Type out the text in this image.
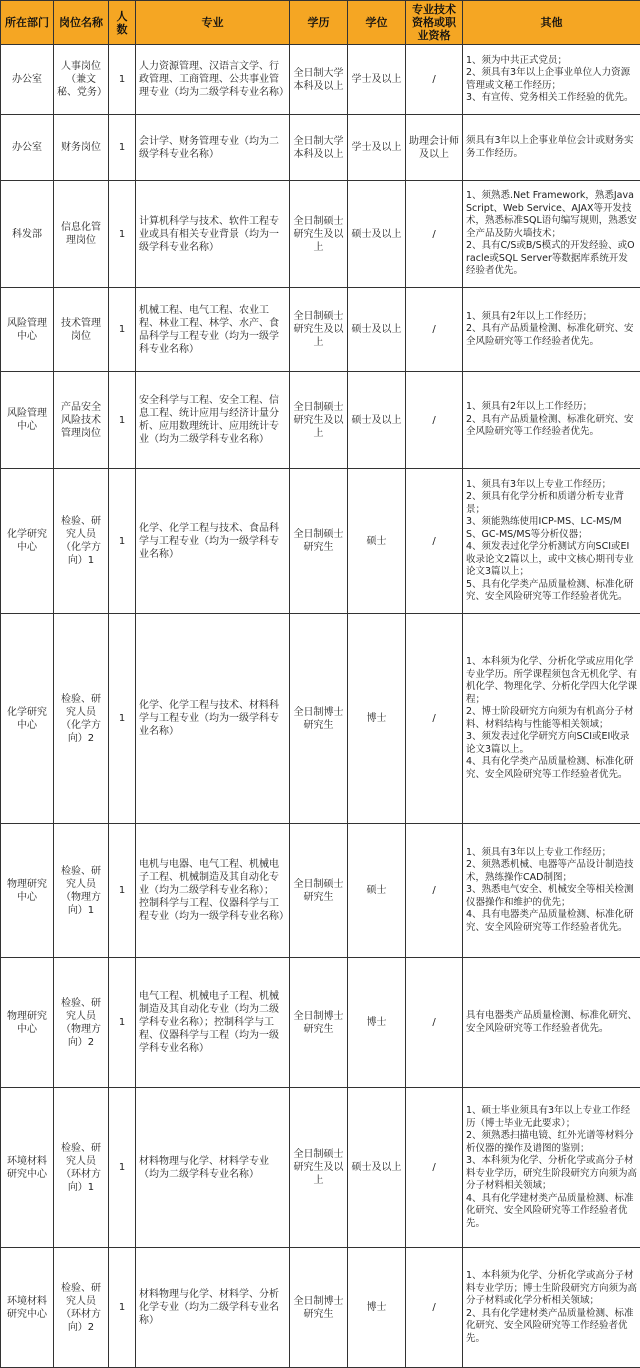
所在部门	岗位名称	人数	专业	学历	学位	专业技术资格或职业资格	其他
办公室	人事岗位（兼文秘、党务）	1	人力资源管理、汉语言文学、行政管理、工商管理、公共事业管理专业（均为二级学科专业名称）	全日制大学本科及以上	学士及以上	/	1、须为中共正式党员；
2、须具有3年以上企事业单位人力资源管理或文秘工作经历；
3、有宣传、党务相关工作经验的优先。
办公室	财务岗位	1	会计学、财务管理专业（均为二级学科专业名称）	全日制大学本科及以上	学士及以上	助理会计师及以上	须具有3年以上企事业单位会计或财务实务工作经历。
科发部	信息化管理岗位	1	计算机科学与技术、软件工程专业或具有相关专业背景（均为一级学科专业名称）	全日制硕士研究生及以上	硕士及以上	/	1、须熟悉.Net Framework，熟悉JavaScript、Web Service、AJAX等开发技术，熟悉标准SQL语句编写规则，熟悉安全产品及防火墙技术；
2、具有C/S或B/S模式的开发经验、或Oracle或SQL Server等数据库系统开发经验者优先。
风险管理中心	技术管理岗位	1	机械工程、电气工程、农业工程、林业工程、林学、水产、食品科学与工程专业（均为一级学科专业名称）	全日制硕士研究生及以上	硕士及以上	/	1、须具有2年以上工作经历；
2、具有产品质量检测、标准化研究、安全风险研究等工作经验者优先。
风险管理中心	产品安全风险技术管理岗位	1	安全科学与工程、安全工程、信息工程、统计应用与经济计量分析、应用数理统计、应用统计专业（均为二级学科专业名称）	全日制硕士研究生及以上	硕士及以上	/	1、须具有2年以上工作经历；
2、具有产品质量检测、标准化研究、安全风险研究等工作经验者优先。
化学研究中心	检验、研究人员（化学方向）1	1	化学、化学工程与技术、食品科学与工程专业（均为一级学科专业名称）	全日制硕士研究生	硕士	/	1、须具有3年以上专业工作经历；
2、须具有化学分析和质谱分析专业背景；
3、须能熟练使用ICP-MS、LC-MS/MS、GC-MS/MS等分析仪器；
4、须发表过化学分析测试方向SCI或EI收录论文2篇以上，或中文核心期刊专业论文3篇以上；
5、具有化学类产品质量检测、标准化研究、安全风险研究等工作经验者优先。
化学研究中心	检验、研究人员（化学方向）2	1	化学、化学工程与技术、材料科学与工程专业（均为一级学科专业名称）	全日制博士研究生	博士	/	1、本科须为化学、分析化学或应用化学专业学历。所学课程须包含无机化学、有机化学、物理化学、分析化学四大化学课程；
2、博士阶段研究方向须为有机高分子材料、材料结构与性能等相关领域；
3、须发表过化学研究方向SCI或EI收录论文3篇以上。
4、具有化学类产品质量检测、标准化研究、安全风险研究等工作经验者优先。
物理研究中心	检验、研究人员（物理方向）1	1	电机与电器、电气工程、机械电子工程、机械制造及其自动化专业（均为二级学科专业名称）；　控制科学与工程、仪器科学与工程专业（均为一级学科专业名称）	全日制硕士研究生	硕士	/	1、须具有3年以上专业工作经历；
2、须熟悉机械、电器等产品设计制造技术，熟练操作CAD制图；
3、熟悉电气安全、机械安全等相关检测仪器操作和维护的优先；
4、具有电器类产品质量检测、标准化研究、安全风险研究等工作经验者优先。
物理研究中心	检验、研究人员（物理方向）2	1	电气工程、机械电子工程、机械制造及其自动化专业（均为二级学科专业名称）；控制科学与工程、仪器科学与工程（均为一级学科专业名称）	全日制博士研究生	博士	/	具有电器类产品质量检测、标准化研究、安全风险研究等工作经验者优先。
环境材料研究中心	检验、研究人员（环材方向）1	1	材料物理与化学、材料学专业（均为二级学科专业名称）	全日制硕士研究生及以上	硕士及以上	/	1、硕士毕业须具有3年以上专业工作经历（博士毕业无此要求）；
2、须熟悉扫描电镜、红外光谱等材料分析仪器的操作及谱图的鉴别；
3、本科须为化学、分析化学或高分子材料专业学历，研究生阶段研究方向须为高分子材料相关领域；
4、具有化学建材类产品质量检测、标准化研究、安全风险研究等工作经验者优先。
环境材料研究中心	检验、研究人员（环材方向）2	1	材料物理与化学、材料学、分析化学专业（均为二级学科专业名称）	全日制博士研究生	博士	/	1、本科须为化学、分析化学或高分子材料专业学历；博士生阶段研究方向须为高分子材料或化学分析相关领域；
2、具有化学建材类产品质量检测、标准化研究、安全风险研究等工作经验者优先。
